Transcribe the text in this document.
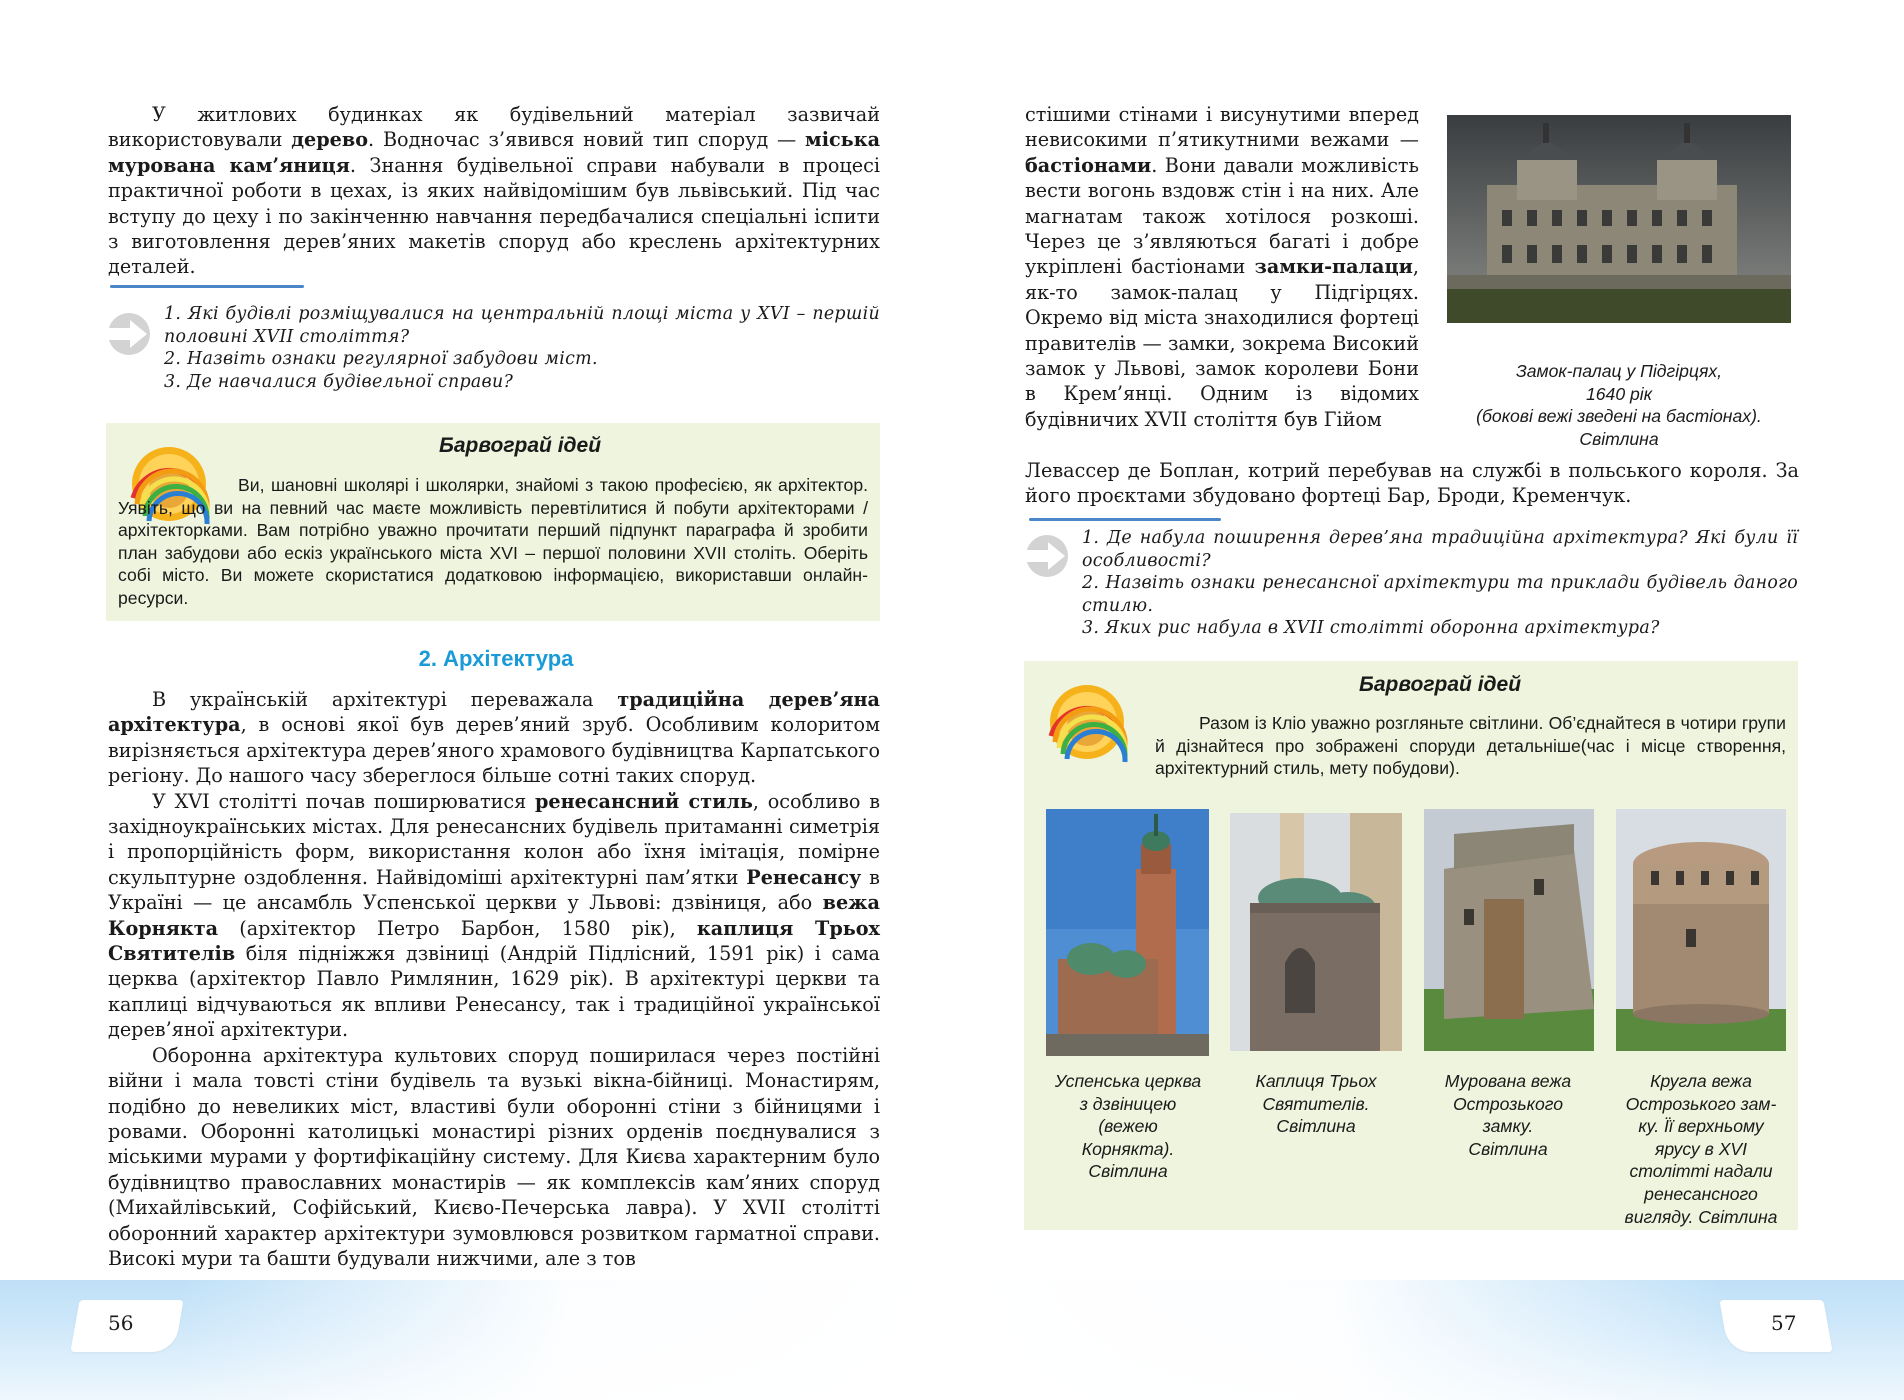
У житлових будинках як будівельний матеріал зазвичай використовували дерево. Водночас з’явився новий тип споруд — міська мурована кам’яниця. Знання будівельної справи набували в процесі практичної роботи в цехах, із яких найвідомішим був львівський. Під час вступу до цеху і по закінченню навчання передбачалися спеціальні іспити з виготовлення дерев’яних макетів споруд або креслень архітектурних деталей.
1. Які будівлі розміщувалися на центральній площі міста у XVI – першій половині XVII століття?
2. Назвіть ознаки регулярної забудови міст.
3. Де навчалися будівельної справи?
Барвограй ідей
Ви, шановні школярі і школярки, знайомі з такою професією, як архітектор. Уявіть, що ви на певний час маєте можливість перевтілитися й побути архітекторами / архітекторками. Вам потрібно уважно прочитати перший підпункт параграфа й зробити план забудови або ескіз українського міста XVI – першої половини XVII століть. Оберіть собі місто. Ви можете скористатися додатковою інформацією, використавши онлайн-ресурси.
2. Архітектура

В українській архітектурі переважала традиційна дерев’яна архітектура, в основі якої був дерев’яний зруб. Особливим колоритом вирізняється архітектура дерев’яного храмового будівництва Карпатського регіону. До нашого часу збереглося більше сотні таких споруд.

У XVI столітті почав поширюватися ренесансний стиль, особливо в західноукраїнських містах. Для ренесансних будівель притаманні симетрія і пропорційність форм, використання колон або їхня імітація, помірне скульптурне оздоблення. Найвідоміші архітектурні пам’ятки Ренесансу в Україні — це ансамбль Успенської церкви у Львові: дзвіниця, або вежа Корнякта (архітектор Петро Барбон, 1580 рік), каплиця Трьох Святителів біля підніжжя дзвіниці (Андрій Підлісний, 1591 рік) і сама церква (архітектор Павло Римлянин, 1629 рік). В архітектурі церкви та каплиці відчуваються як впливи Ренесансу, так і традиційної української дерев’яної архітектури.

Оборонна архітектура культових споруд поширилася через постійні війни і мала товсті стіни будівель та вузькі вікна-бійниці. Монастирям, подібно до невеликих міст, властиві були оборонні стіни з бійницями і ровами. Оборонні католицькі монастирі різних орденів поєднувалися з міськими мурами у фортифікаційну систему. Для Києва характерним було будівництво православних монастирів — як комплексів кам’яних споруд (Михайлівський, Софійський, Києво-Печерська лавра). У XVII столітті оборонний характер архітектури зумовлювся розвитком гарматної справи. Високі мури та башти будували нижчими, але з тов

56
стішими стінами і висунутими вперед невисокими п’ятикутними вежами — бастіонами. Вони давали можливість вести вогонь вздовж стін і на них. Але магнатам також хотілося розкоші. Через це з’являються багаті і добре укріплені бастіонами замки-палаци, як-то замок-палац у Підгірцях. Окремо від міста знаходилися фортеці правителів — замки, зокрема Високий замок у Львові, замок королеви Бони в Крем’янці. Одним із відомих будівничих XVII століття був Гійом
Замок-палац у Підгірцях,
1640 рік
(бокові вежі зведені на бастіонах).
Світлина
Левассер де Боплан, котрий перебував на службі в польського короля. За його проєктами збудовано фортеці Бар, Броди, Кременчук.
1. Де набула поширення дерев’яна традиційна архітектура? Які були її особливості?
2. Назвіть ознаки ренесансної архітектури та приклади будівель даного стилю.
3. Яких рис набула в XVII столітті оборонна архітектура?
Барвограй ідей
Разом із Кліо уважно розгляньте світлини. Об’єднайтеся в чотири групи й дізнайтеся про зображені споруди детальніше(час і місце створення, архітектурний стиль, мету побудови).
Успенська церква
з дзвіницею
(вежею
Корнякта).
Світлина
Каплиця Трьох
Святителів.
Світлина
Мурована вежа
Острозького
замку.
Світлина
Кругла вежа
Острозького зам-
ку. Її верхньому
ярусу в XVI
столітті надали
ренесансного
вигляду. Світлина
57
